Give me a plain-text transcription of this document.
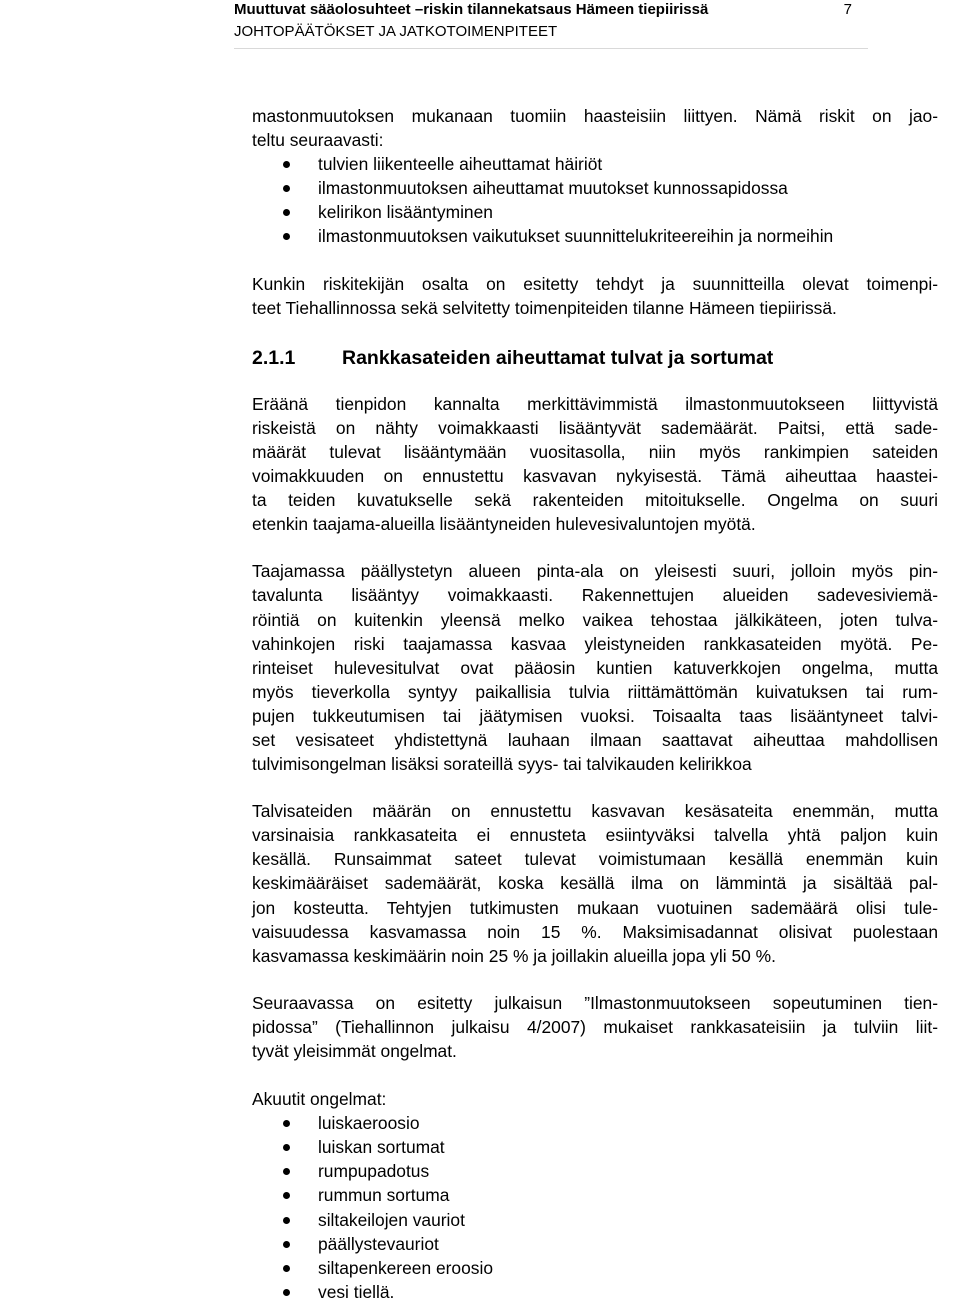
Muuttuvat sääolosuhteet –riskin tilannekatsaus Hämeen tiepiirissä
JOHTOPÄÄTÖKSET JA JATKOTOIMENPITEET
7

mastonmuutoksen mukanaan tuomiin haasteisiin liittyen. Nämä riskit on jao-
teltu seuraavasti:

tulvien liikenteelle aiheuttamat häiriöt
ilmastonmuutoksen aiheuttamat muutokset kunnossapidossa
kelirikon lisääntyminen
ilmastonmuutoksen vaikutukset suunnittelukriteereihin ja normeihin

Kunkin riskitekijän osalta on esitetty tehdyt ja suunnitteilla olevat toimenpi-
teet Tiehallinnossa sekä selvitetty toimenpiteiden tilanne Hämeen tiepiirissä.

2.1.1 Rankkasateiden aiheuttamat tulvat ja sortumat

Eräänä tienpidon kannalta merkittävimmistä ilmastonmuutokseen liittyvistä
riskeistä on nähty voimakkaasti lisääntyvät sademäärät. Paitsi, että sade-
määrät tulevat lisääntymään vuositasolla, niin myös rankimpien sateiden
voimakkuuden on ennustettu kasvavan nykyisestä. Tämä aiheuttaa haastei-
ta teiden kuvatukselle sekä rakenteiden mitoitukselle. Ongelma on suuri
etenkin taajama-alueilla lisääntyneiden hulevesivaluntojen myötä.

Taajamassa päällystetyn alueen pinta-ala on yleisesti suuri, jolloin myös pin-
tavalunta lisääntyy voimakkaasti. Rakennettujen alueiden sadevesiviemä-
röintiä on kuitenkin yleensä melko vaikea tehostaa jälkikäteen, joten tulva-
vahinkojen riski taajamassa kasvaa yleistyneiden rankkasateiden myötä. Pe-
rinteiset hulevesitulvat ovat pääosin kuntien katuverkkojen ongelma, mutta
myös tieverkolla syntyy paikallisia tulvia riittämättömän kuivatuksen tai rum-
pujen tukkeutumisen tai jäätymisen vuoksi. Toisaalta taas lisääntyneet talvi-
set vesisateet yhdistettynä lauhaan ilmaan saattavat aiheuttaa mahdollisen
tulvimisongelman lisäksi sorateillä syys- tai talvikauden kelirikkoa

Talvisateiden määrän on ennustettu kasvavan kesäsateita enemmän, mutta
varsinaisia rankkasateita ei ennusteta esiintyväksi talvella yhtä paljon kuin
kesällä. Runsaimmat sateet tulevat voimistumaan kesällä enemmän kuin
keskimääräiset sademäärät, koska kesällä ilma on lämmintä ja sisältää pal-
jon kosteutta. Tehtyjen tutkimusten mukaan vuotuinen sademäärä olisi tule-
vaisuudessa kasvamassa noin 15 %. Maksimisadannat olisivat puolestaan
kasvamassa keskimäärin noin 25 % ja joillakin alueilla jopa yli 50 %.

Seuraavassa on esitetty julkaisun ”Ilmastonmuutokseen sopeutuminen tien-
pidossa” (Tiehallinnon julkaisu 4/2007) mukaiset rankkasateisiin ja tulviin liit-
tyvät yleisimmät ongelmat.

Akuutit ongelmat:

luiskaeroosio
luiskan sortumat
rumpupadotus
rummun sortuma
siltakeilojen vauriot
päällystevauriot
siltapenkereen eroosio
vesi tiellä.
